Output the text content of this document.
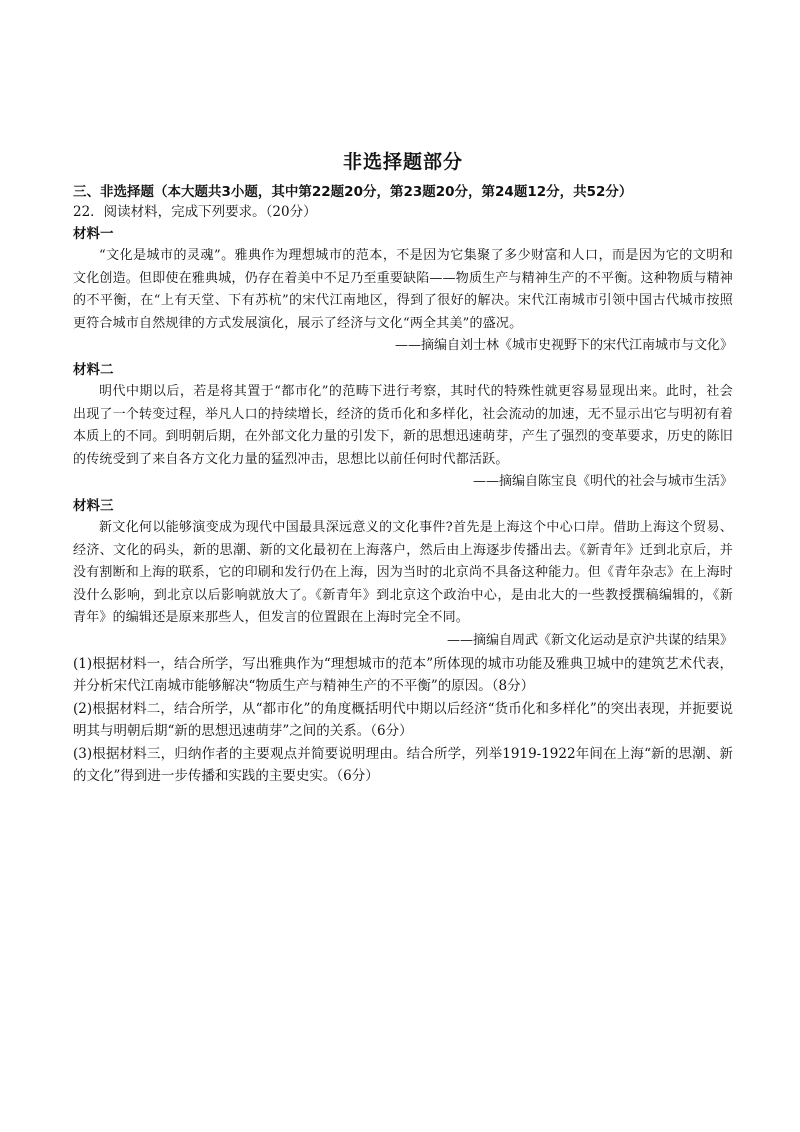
非选择题部分
三、非选择题（本大题共3小题，其中第22题20分，第23题20分，第24题12分，共52分）
22．阅读材料，完成下列要求。（20分）
材料一
“文化是城市的灵魂”。雅典作为理想城市的范本，不是因为它集聚了多少财富和人口，而是因为它的文明和文化创造。但即使在雅典城，仍存在着美中不足乃至重要缺陷——物质生产与精神生产的不平衡。这种物质与精神的不平衡，在“上有天堂、下有苏杭”的宋代江南地区，得到了很好的解决。宋代江南城市引领中国古代城市按照更符合城市自然规律的方式发展演化，展示了经济与文化“两全其美”的盛况。
——摘编自刘士林《城市史视野下的宋代江南城市与文化》
材料二
明代中期以后，若是将其置于“都市化”的范畴下进行考察，其时代的特殊性就更容易显现出来。此时，社会出现了一个转变过程，举凡人口的持续增长，经济的货币化和多样化，社会流动的加速，无不显示出它与明初有着本质上的不同。到明朝后期，在外部文化力量的引发下，新的思想迅速萌芽，产生了强烈的变革要求，历史的陈旧的传统受到了来自各方文化力量的猛烈冲击，思想比以前任何时代都活跃。
——摘编自陈宝良《明代的社会与城市生活》
材料三
新文化何以能够演变成为现代中国最具深远意义的文化事件?首先是上海这个中心口岸。借助上海这个贸易、经济、文化的码头，新的思潮、新的文化最初在上海落户，然后由上海逐步传播出去。《新青年》迁到北京后，并没有割断和上海的联系，它的印刷和发行仍在上海，因为当时的北京尚不具备这种能力。但《青年杂志》在上海时没什么影响，到北京以后影响就放大了。《新青年》到北京这个政治中心，是由北大的一些教授撰稿编辑的，《新青年》的编辑还是原来那些人，但发言的位置跟在上海时完全不同。
——摘编自周武《新文化运动是京沪共谋的结果》
(1)根据材料一，结合所学，写出雅典作为“理想城市的范本”所体现的城市功能及雅典卫城中的建筑艺术代表，并分析宋代江南城市能够解决“物质生产与精神生产的不平衡”的原因。（8分）
(2)根据材料二，结合所学，从“都市化”的角度概括明代中期以后经济“货币化和多样化”的突出表现，并扼要说明其与明朝后期“新的思想迅速萌芽”之间的关系。（6分）
(3)根据材料三，归纳作者的主要观点并简要说明理由。结合所学，列举1919-1922年间在上海“新的思潮、新的文化”得到进一步传播和实践的主要史实。（6分）
